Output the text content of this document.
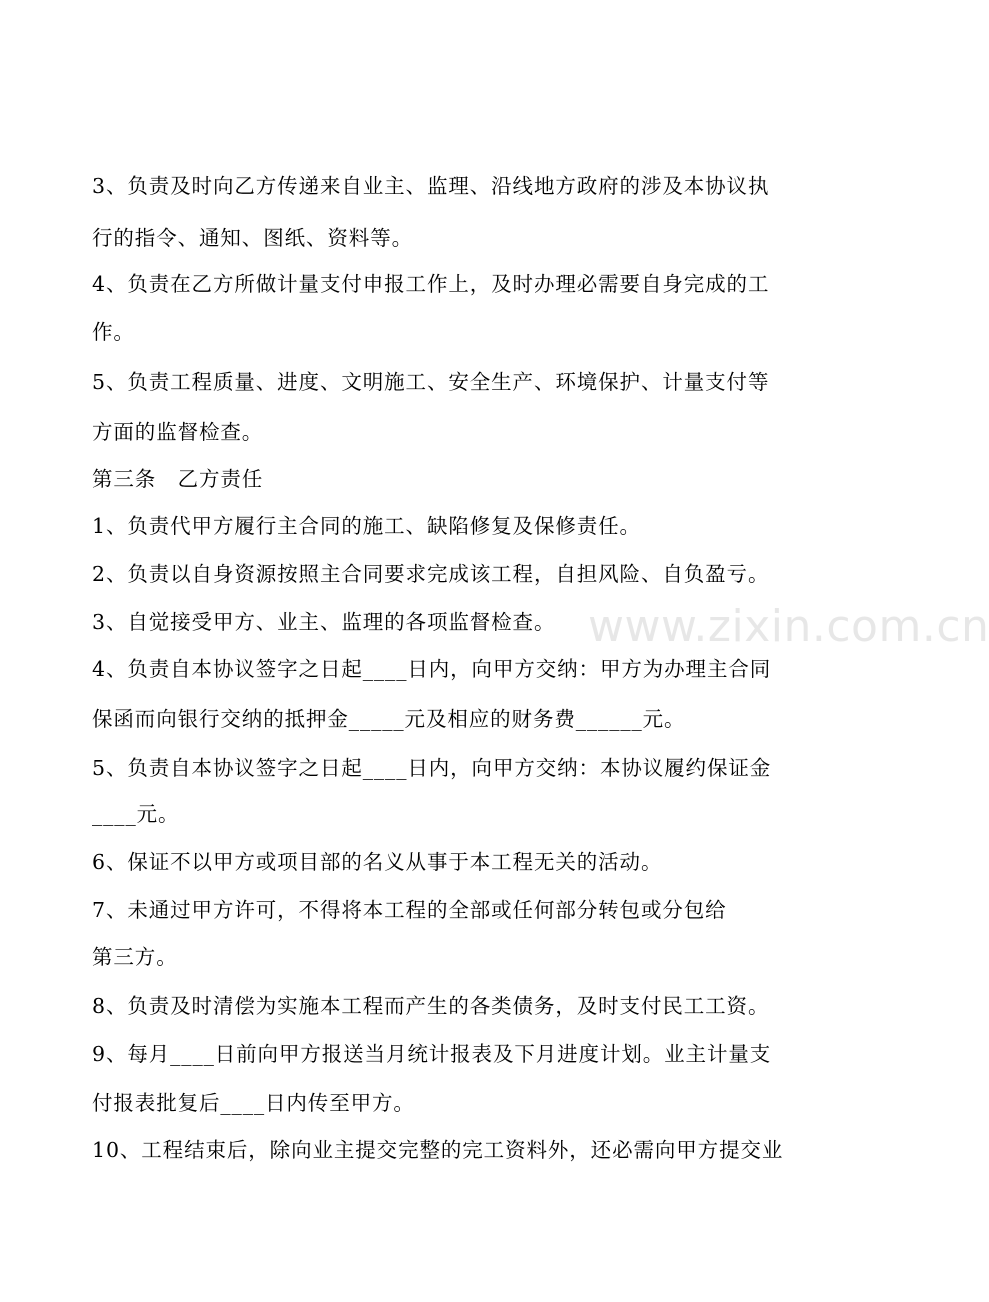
3、负责及时向乙方传递来自业主、监理、沿线地方政府的涉及本协议执
行的指令、通知、图纸、资料等。
4、负责在乙方所做计量支付申报工作上，及时办理必需要自身完成的工
作。
5、负责工程质量、进度、文明施工、安全生产、环境保护、计量支付等
方面的监督检查。
第三条　乙方责任
1、负责代甲方履行主合同的施工、缺陷修复及保修责任。
2、负责以自身资源按照主合同要求完成该工程，自担风险、自负盈亏。
3、自觉接受甲方、业主、监理的各项监督检查。
4、负责自本协议签字之日起____日内，向甲方交纳：甲方为办理主合同
保函而向银行交纳的抵押金_____元及相应的财务费______元。
5、负责自本协议签字之日起____日内，向甲方交纳：本协议履约保证金
____元。
6、保证不以甲方或项目部的名义从事于本工程无关的活动。
7、未通过甲方许可，不得将本工程的全部或任何部分转包或分包给
第三方。
8、负责及时清偿为实施本工程而产生的各类债务，及时支付民工工资。
9、每月____日前向甲方报送当月统计报表及下月进度计划。业主计量支
付报表批复后____日内传至甲方。
10、工程结束后，除向业主提交完整的完工资料外，还必需向甲方提交业
www.zixin.com.cn
